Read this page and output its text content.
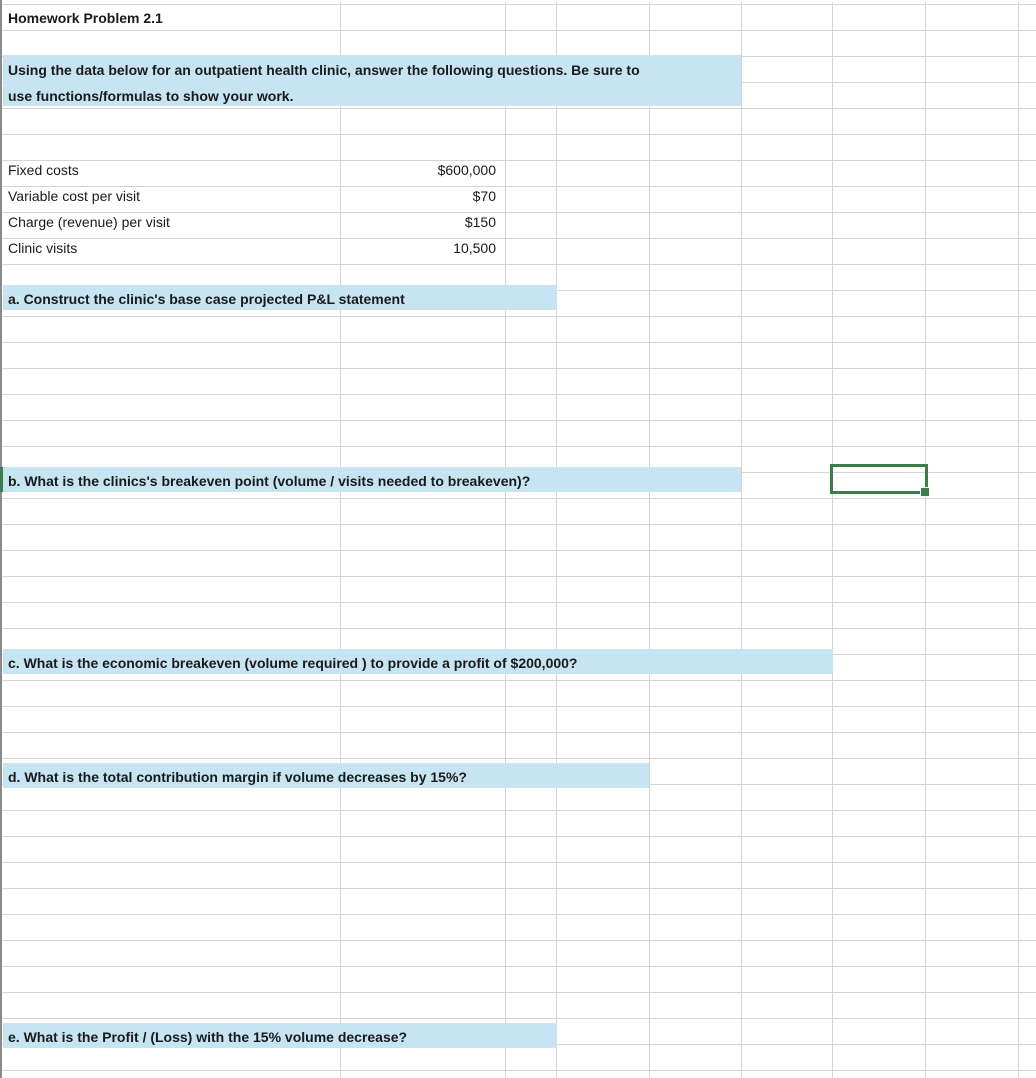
Homework Problem 2.1
Using the data below for an outpatient health clinic, answer the following questions. Be sure to
use functions/formulas to show your work.
Fixed costs	$600,000
Variable cost per visit	$70
Charge (revenue) per visit	$150
Clinic visits	10,500
a. Construct the clinic's base case projected P&L statement
b. What is the clinics's breakeven point (volume / visits needed to breakeven)?
c. What is the economic breakeven (volume required ) to provide a profit of $200,000?
d. What is the total contribution margin if volume decreases by 15%?
e. What is the Profit / (Loss) with the 15% volume decrease?
